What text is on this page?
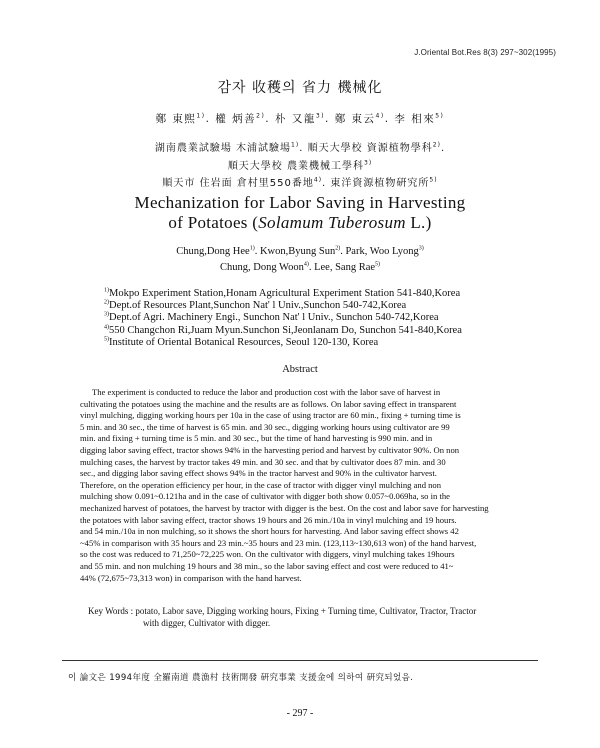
J.Oriental Bot.Res 8(3) 297~302(1995)
감자 收穫의 省力 機械化
鄭 東熙$^{1)}$. 權 炳善$^{2)}$. 朴 又龍$^{3)}$. 鄭 東云$^{4)}$. 李 相來$^{5)}$
湖南農業試驗場 木浦試驗場$^{1)}$. 順天大學校 資源植物學科$^{2)}$.
順天大學校 農業機械工學科$^{3)}$
順天市 住岩面 倉村里550番地$^{4)}$. 東洋資源植物硏究所$^{5)}$
Mechanization for Labor Saving in Harvesting
of Potatoes (Solamum Tuberosum L.)
Chung,Dong Hee$^{1)}$. Kwon,Byung Sun$^{2)}$. Park, Woo Lyong$^{3)}$
Chung, Dong Woon$^{4)}$. Lee, Sang Rae$^{5)}$
$^{1)}$Mokpo Experiment Station,Honam Agricultural Experiment Station 541-840,Korea
$^{2)}$Dept.of Resources Plant,Sunchon Nat' l Univ.,Sunchon 540-742,Korea
$^{3)}$Dept.of Agri. Machinery Engi., Sunchon Nat' l Univ., Sunchon 540-742,Korea
$^{4)}$550 Changchon Ri,Juam Myun.Sunchon Si,Jeonlanam Do, Sunchon 541-840,Korea
$^{5)}$Institute of Oriental Botanical Resources, Seoul 120-130, Korea
Abstract
The experiment is conducted to reduce the labor and production cost with the labor save of harvest in
cultivating the potatoes using the machine and the results are as follows. On labor saving effect in transparent
vinyl mulching, digging working hours per 10a in the case of using tractor are 60 min., fixing + turning time is
5 min. and 30 sec., the time of harvest is 65 min. and 30 sec., digging working hours using cultivator are 99
min. and fixing + turning time is 5 min. and 30 sec., but the time of hand harvesting is 990 min. and in
digging labor saving effect, tractor shows 94% in the harvesting period and harvest by cultivator 90%. On non
mulching cases, the harvest by tractor takes 49 min. and 30 sec. and that by cultivator does 87 min. and 30
sec., and digging labor saving effect shows 94% in the tractor harvest and 90% in the cultivator harvest.
Therefore, on the operation efficiency per hour, in the case of tractor with digger vinyl mulching and non
mulching show 0.091~0.121ha and in the case of cultivator with digger both show 0.057~0.069ha, so in the
mechanized harvest of potatoes, the harvest by tractor with digger is the best. On the cost and labor save for harvesting
the potatoes with labor saving effect, tractor shows 19 hours and 26 min./10a in vinyl mulching and 19 hours.
and 54 min./10a in non mulching, so it shows the short hours for harvesting. And labor saving effect shows 42
~45% in comparison with 35 hours and 23 min.~35 hours and 23 min. (123,113~130,613 won) of the hand harvest,
so the cost was reduced to 71,250~72,225 won. On the cultivator with diggers, vinyl mulching takes 19hours
and 55 min. and non mulching 19 hours and 38 min., so the labor saving effect and cost were reduced to 41~
44% (72,675~73,313 won) in comparison with the hand harvest.
Key Words : potato, Labor save, Digging working hours, Fixing + Turning time, Cultivator, Tractor, Tractor
with digger, Cultivator with digger.
이 論文은 1994年度 全羅南道 農漁村 技術開發 硏究事業 支援金에 의하여 硏究되었음.
- 297 -
